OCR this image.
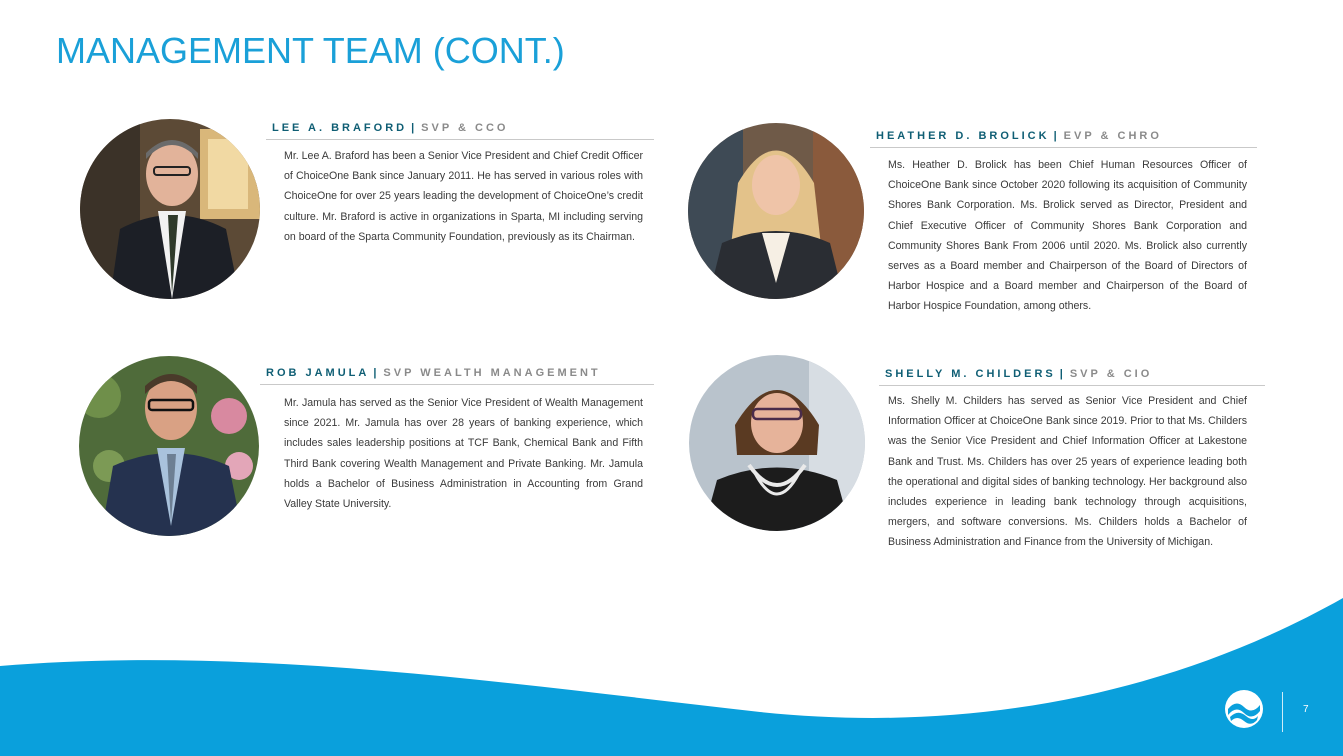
MANAGEMENT TEAM (CONT.)
LEE A. BRAFORD | SVP & CCO

Mr. Lee A. Braford has been a Senior Vice President and Chief Credit Officer of ChoiceOne Bank since January 2011. He has served in various roles with ChoiceOne for over 25 years leading the development of ChoiceOne’s credit culture. Mr. Braford is active in organizations in Sparta, MI including serving on board of the Sparta Community Foundation, previously as its Chairman.

HEATHER D. BROLICK | EVP & CHRO

Ms. Heather D. Brolick has been Chief Human Resources Officer of ChoiceOne Bank since October 2020 following its acquisition of Community Shores Bank Corporation. Ms. Brolick served as Director, President and Chief Executive Officer of Community Shores Bank Corporation and Community Shores Bank From 2006 until 2020. Ms. Brolick also currently serves as a Board member and Chairperson of the Board of Directors of Harbor Hospice and a Board member and Chairperson of the Board of Harbor Hospice Foundation, among others.

ROB JAMULA | SVP WEALTH MANAGEMENT

Mr. Jamula has served as the Senior Vice President of Wealth Management since 2021. Mr. Jamula has over 28 years of banking experience, which includes sales leadership positions at TCF Bank, Chemical Bank and Fifth Third Bank covering Wealth Management and Private Banking. Mr. Jamula holds a Bachelor of Business Administration in Accounting from Grand Valley State University.

SHELLY M. CHILDERS | SVP & CIO

Ms. Shelly M. Childers has served as Senior Vice President and Chief Information Officer at ChoiceOne Bank since 2019. Prior to that Ms. Childers was the Senior Vice President and Chief Information Officer at Lakestone Bank and Trust. Ms. Childers has over 25 years of experience leading both the operational and digital sides of banking technology. Her background also includes experience in leading bank technology through acquisitions, mergers, and software conversions. Ms. Childers holds a Bachelor of Business Administration and Finance from the University of Michigan.

7
